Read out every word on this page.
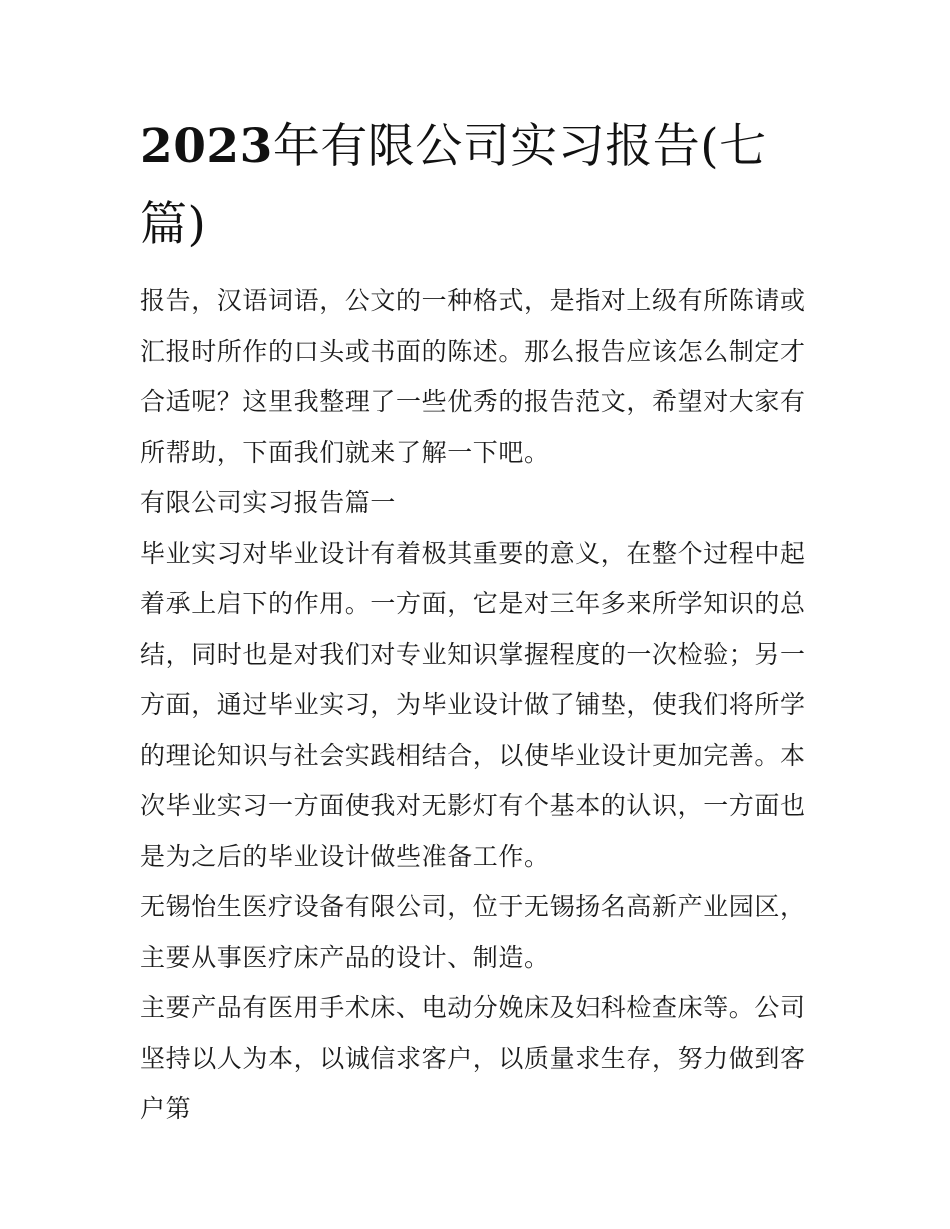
2023年有限公司实习报告(七篇)

报告，汉语词语，公文的一种格式，是指对上级有所陈请或汇报时所作的口头或书面的陈述。那么报告应该怎么制定才合适呢？这里我整理了一些优秀的报告范文，希望对大家有所帮助，下面我们就来了解一下吧。

有限公司实习报告篇一

毕业实习对毕业设计有着极其重要的意义，在整个过程中起着承上启下的作用。一方面，它是对三年多来所学知识的总结，同时也是对我们对专业知识掌握程度的一次检验；另一方面，通过毕业实习，为毕业设计做了铺垫，使我们将所学的理论知识与社会实践相结合，以使毕业设计更加完善。本次毕业实习一方面使我对无影灯有个基本的认识，一方面也是为之后的毕业设计做些准备工作。

无锡怡生医疗设备有限公司，位于无锡扬名高新产业园区，主要从事医疗床产品的设计、制造。

主要产品有医用手术床、电动分娩床及妇科检查床等。公司坚持以人为本，以诚信求客户，以质量求生存，努力做到客户第
